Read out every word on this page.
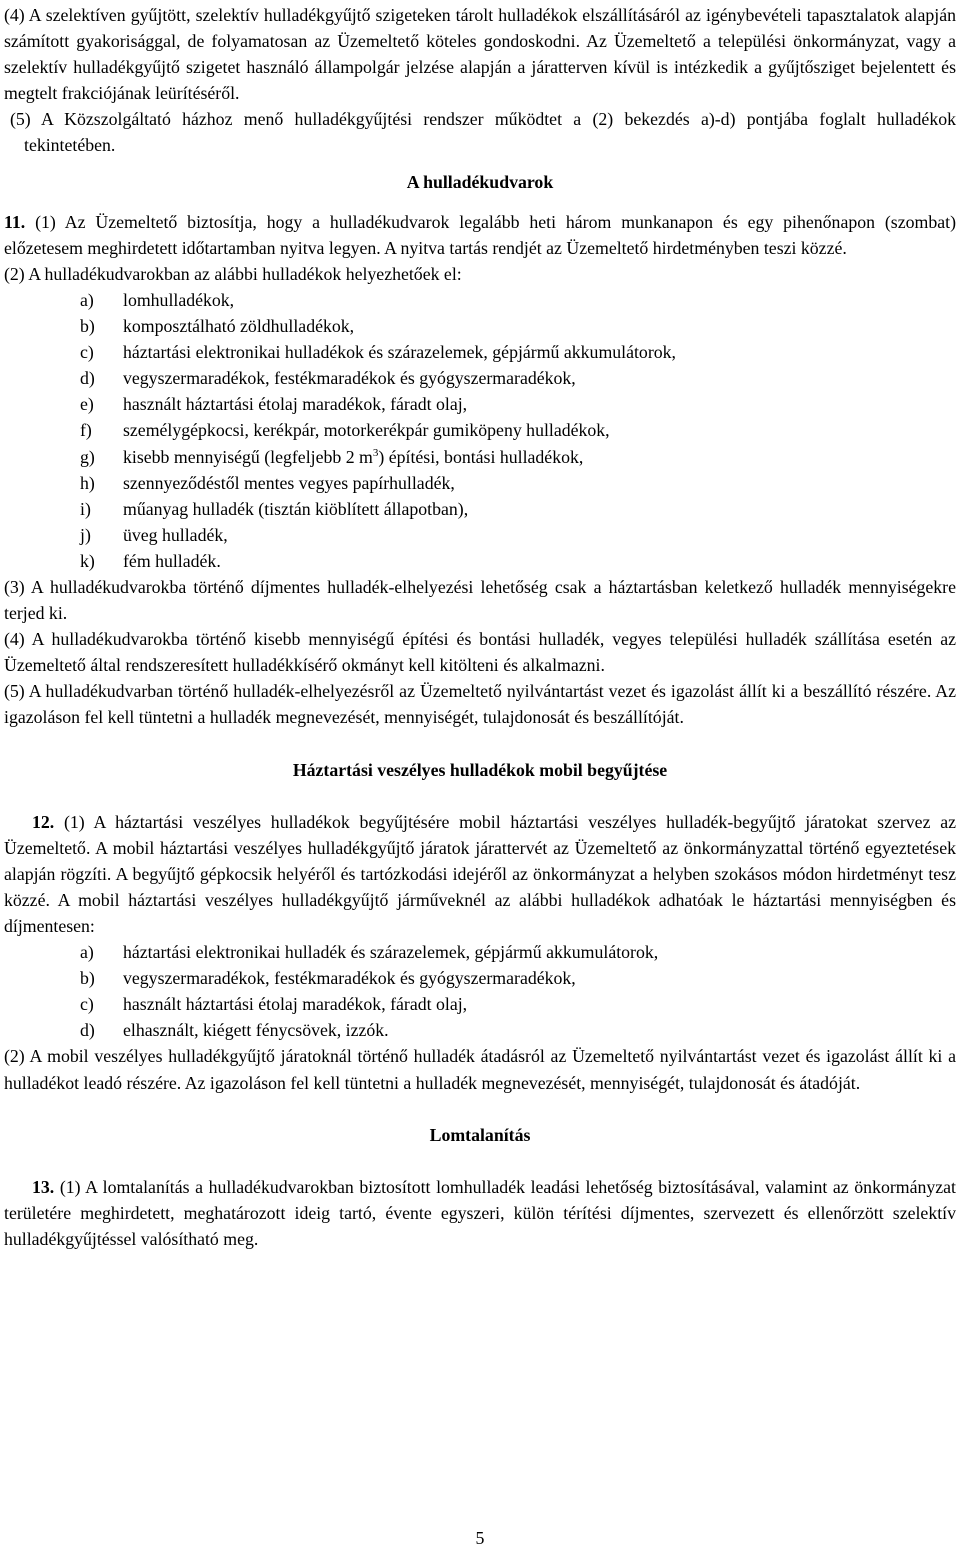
(4) A szelektíven gyűjtött, szelektív hulladékgyűjtő szigeteken tárolt hulladékok elszállításáról az igénybevételi tapasztalatok alapján számított gyakorisággal, de folyamatosan az Üzemeltető köteles gondoskodni. Az Üzemeltető a települési önkormányzat, vagy a szelektív hulladékgyűjtő szigetet használó állampolgár jelzése alapján a járatterven kívül is intézkedik a gyűjtősziget bejelentett és megtelt frakciójának leürítéséről.

(5) A Közszolgáltató házhoz menő hulladékgyűjtési rendszer működtet a (2) bekezdés a)-d) pontjába foglalt hulladékok tekintetében.

A hulladékudvarok

11. (1) Az Üzemeltető biztosítja, hogy a hulladékudvarok legalább heti három munkanapon és egy pihenőnapon (szombat) előzetesem meghirdetett időtartamban nyitva legyen. A nyitva tartás rendjét az Üzemeltető hirdetményben teszi közzé.

(2) A hulladékudvarokban az alábbi hulladékok helyezhetőek el:

a)	lomhulladékok,
b)	komposztálható zöldhulladékok,
c)	háztartási elektronikai hulladékok és szárazelemek, gépjármű akkumulátorok,
d)	vegyszermaradékok, festékmaradékok és gyógyszermaradékok,
e)	használt háztartási étolaj maradékok, fáradt olaj,
f)	személygépkocsi, kerékpár, motorkerékpár gumiköpeny hulladékok,
g)	kisebb mennyiségű (legfeljebb 2 $m^3$) építési, bontási hulladékok,
h)	szennyeződéstől mentes vegyes papírhulladék,
i)	műanyag hulladék (tisztán kiöblített állapotban),
j)	üveg hulladék,
k)	fém hulladék.

(3) A hulladékudvarokba történő díjmentes hulladék-elhelyezési lehetőség csak a háztartásban keletkező hulladék mennyiségekre terjed ki.

(4) A hulladékudvarokba történő kisebb mennyiségű építési és bontási hulladék, vegyes települési hulladék szállítása esetén az Üzemeltető által rendszeresített hulladékkísérő okmányt kell kitölteni és alkalmazni.

(5) A hulladékudvarban történő hulladék-elhelyezésről az Üzemeltető nyilvántartást vezet és igazolást állít ki a beszállító részére. Az igazoláson fel kell tüntetni a hulladék megnevezését, mennyiségét, tulajdonosát és beszállítóját.

Háztartási veszélyes hulladékok mobil begyűjtése

12. (1) A háztartási veszélyes hulladékok begyűjtésére mobil háztartási veszélyes hulladék-begyűjtő járatokat szervez az Üzemeltető. A mobil háztartási veszélyes hulladékgyűjtő járatok járattervét az Üzemeltető az önkormányzattal történő egyeztetések alapján rögzíti. A begyűjtő gépkocsik helyéről és tartózkodási idejéről az önkormányzat a helyben szokásos módon hirdetményt tesz közzé. A mobil háztartási veszélyes hulladékgyűjtő járműveknél az alábbi hulladékok adhatóak le háztartási mennyiségben és díjmentesen:

a)	háztartási elektronikai hulladék és szárazelemek, gépjármű akkumulátorok,
b)	vegyszermaradékok, festékmaradékok és gyógyszermaradékok,
c)	használt háztartási étolaj maradékok, fáradt olaj,
d)	elhasznált, kiégett fénycsövek, izzók.

(2) A mobil veszélyes hulladékgyűjtő járatoknál történő hulladék átadásról az Üzemeltető nyilvántartást vezet és igazolást állít ki a hulladékot leadó részére. Az igazoláson fel kell tüntetni a hulladék megnevezését, mennyiségét, tulajdonosát és átadóját.

Lomtalanítás

13. (1) A lomtalanítás a hulladékudvarokban biztosított lomhulladék leadási lehetőség biztosításával, valamint az önkormányzat területére meghirdetett, meghatározott ideig tartó, évente egyszeri, külön térítési díjmentes, szervezett és ellenőrzött szelektív hulladékgyűjtéssel valósítható meg.

5
